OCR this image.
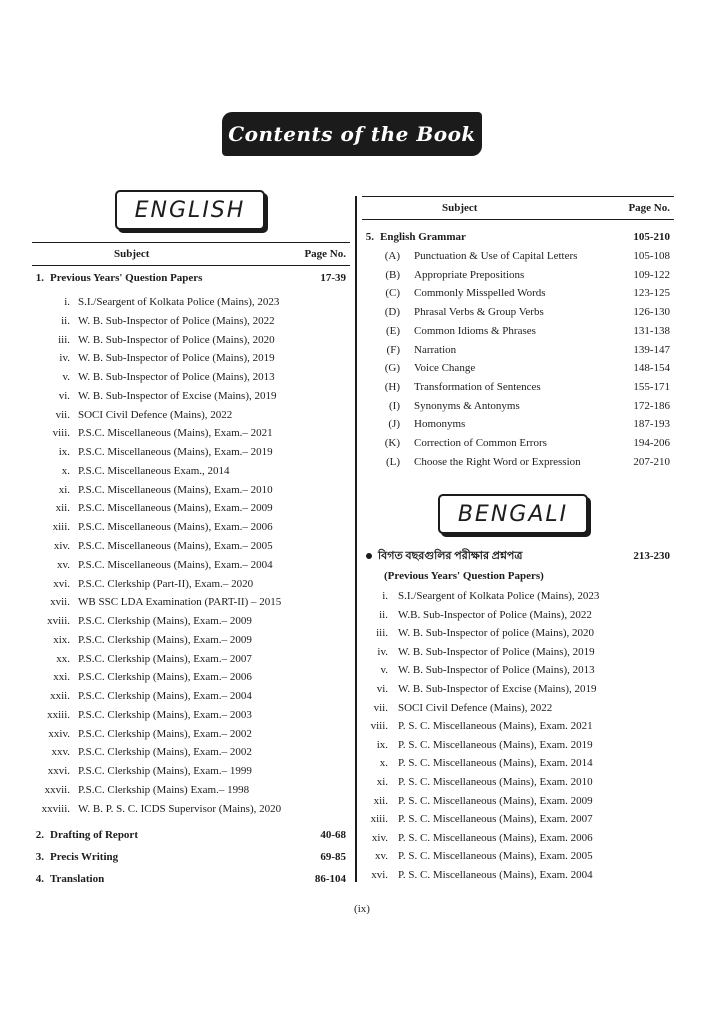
Contents of the Book
ENGLISH
Subject	Page No.
1. Previous Years' Question Papers	17-39
i. S.I./Seargent of Kolkata Police (Mains), 2023
ii. W. B. Sub-Inspector of Police (Mains), 2022
iii. W. B. Sub-Inspector of Police (Mains), 2020
iv. W. B. Sub-Inspector of Police (Mains), 2019
v. W. B. Sub-Inspector of Police (Mains), 2013
vi. W. B. Sub-Inspector of Excise (Mains), 2019
vii. SOCI Civil Defence (Mains), 2022
viii. P.S.C. Miscellaneous (Mains), Exam.– 2021
ix. P.S.C. Miscellaneous (Mains), Exam.– 2019
x. P.S.C. Miscellaneous Exam., 2014
xi. P.S.C. Miscellaneous (Mains), Exam.– 2010
xii. P.S.C. Miscellaneous (Mains), Exam.– 2009
xiii. P.S.C. Miscellaneous (Mains), Exam.– 2006
xiv. P.S.C. Miscellaneous (Mains), Exam.– 2005
xv. P.S.C. Miscellaneous (Mains), Exam.– 2004
xvi. P.S.C. Clerkship (Part-II), Exam.– 2020
xvii. WB SSC LDA Examination (PART-II) – 2015
xviii. P.S.C. Clerkship (Mains), Exam.– 2009
xix. P.S.C. Clerkship (Mains), Exam.– 2009
xx. P.S.C. Clerkship (Mains), Exam.– 2007
xxi. P.S.C. Clerkship (Mains), Exam.– 2006
xxii. P.S.C. Clerkship (Mains), Exam.– 2004
xxiii. P.S.C. Clerkship (Mains), Exam.– 2003
xxiv. P.S.C. Clerkship (Mains), Exam.– 2002
xxv. P.S.C. Clerkship (Mains), Exam.– 2002
xxvi. P.S.C. Clerkship (Mains), Exam.– 1999
xxvii. P.S.C. Clerkship (Mains) Exam.– 1998
xxviii. W. B. P. S. C. ICDS Supervisor (Mains), 2020
2. Drafting of Report	40-68
3. Precis Writing	69-85
4. Translation	86-104
Subject	Page No.
5. English Grammar	105-210
(A) Punctuation & Use of Capital Letters	105-108
(B) Appropriate Prepositions	109-122
(C) Commonly Misspelled Words	123-125
(D) Phrasal Verbs & Group Verbs	126-130
(E) Common Idioms & Phrases	131-138
(F) Narration	139-147
(G) Voice Change	148-154
(H) Transformation of Sentences	155-171
(I) Synonyms & Antonyms	172-186
(J) Homonyms	187-193
(K) Correction of Common Errors	194-206
(L) Choose the Right Word or Expression	207-210
BENGALI
বিগত বছরগুলির পরীক্ষার প্রশ্নপত্র	213-230
(Previous Years' Question Papers)
i. S.I./Seargent of Kolkata Police (Mains), 2023
ii. W.B. Sub-Inspector of Police (Mains), 2022
iii. W. B. Sub-Inspector of police (Mains), 2020
iv. W. B. Sub-Inspector of Police (Mains), 2019
v. W. B. Sub-Inspector of Police (Mains), 2013
vi. W. B. Sub-Inspector of Excise (Mains), 2019
vii. SOCI Civil Defence (Mains), 2022
viii. P. S. C. Miscellaneous (Mains), Exam. 2021
ix. P. S. C. Miscellaneous (Mains), Exam. 2019
x. P. S. C. Miscellaneous (Mains), Exam. 2014
xi. P. S. C. Miscellaneous (Mains), Exam. 2010
xii. P. S. C. Miscellaneous (Mains), Exam. 2009
xiii. P. S. C. Miscellaneous (Mains), Exam. 2007
xiv. P. S. C. Miscellaneous (Mains), Exam. 2006
xv. P. S. C. Miscellaneous (Mains), Exam. 2005
xvi. P. S. C. Miscellaneous (Mains), Exam. 2004
(ix)
